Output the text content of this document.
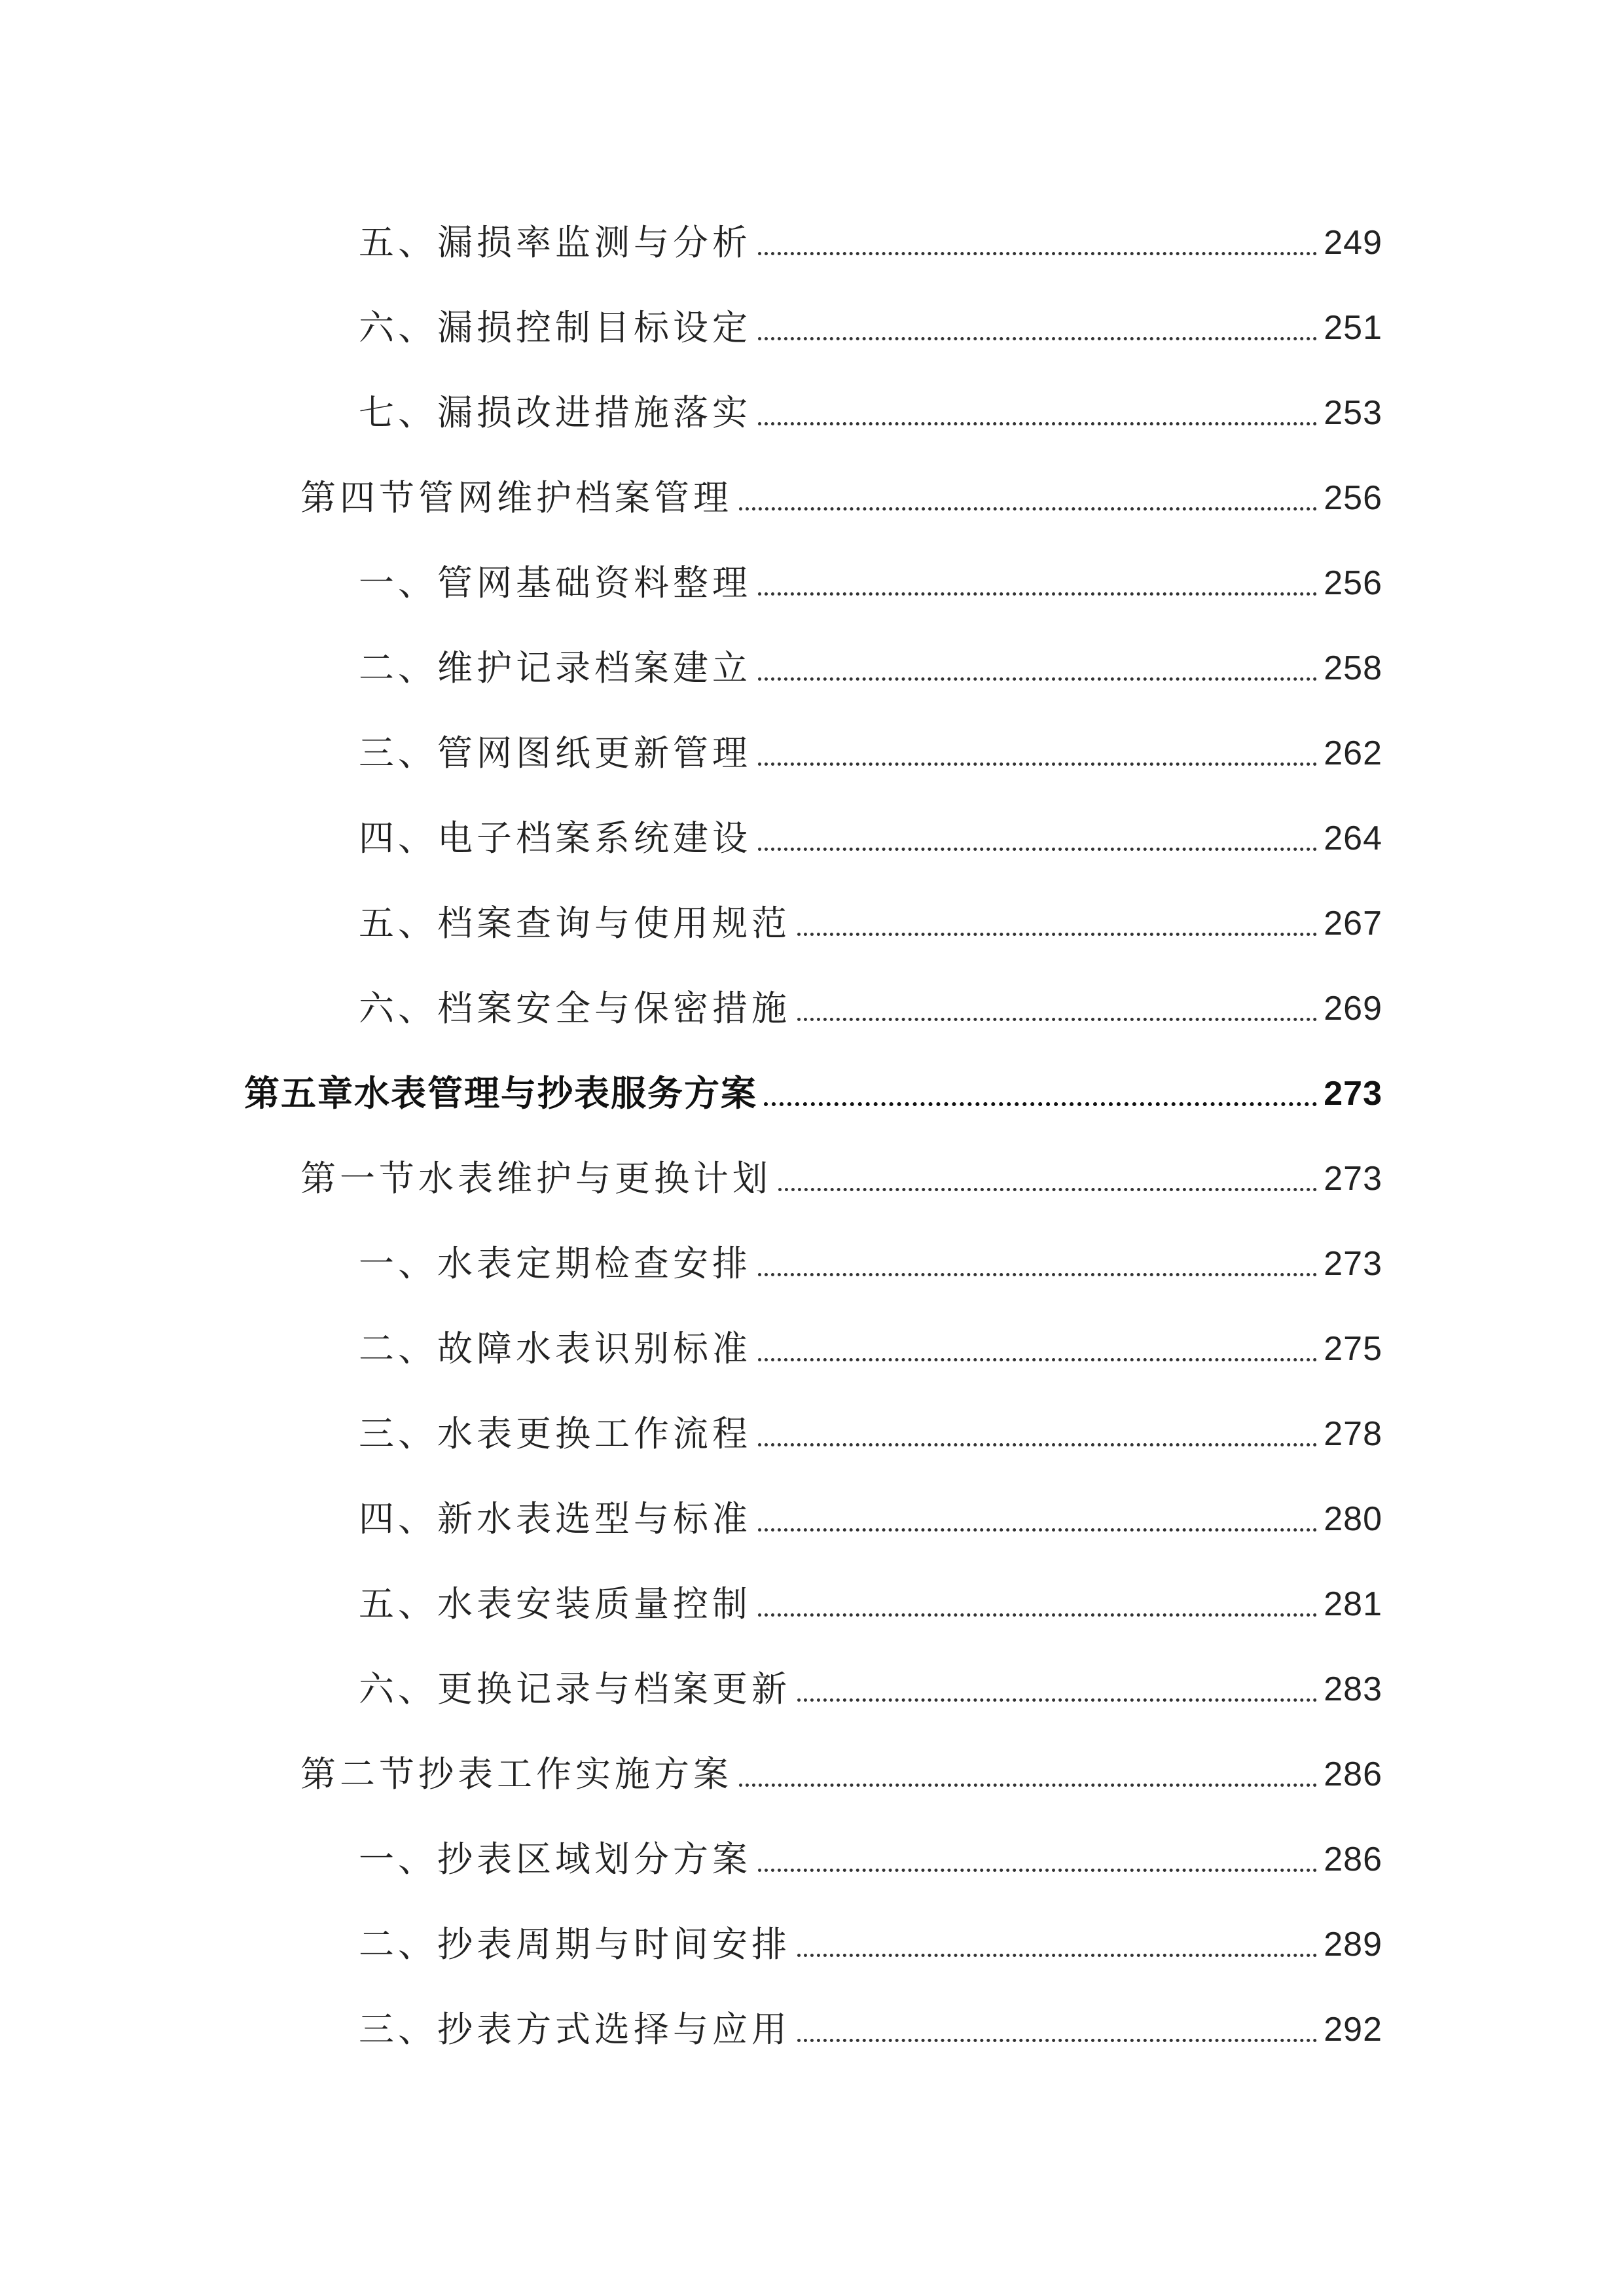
五、漏损率监测与分析	249
六、漏损控制目标设定	251
七、漏损改进措施落实	253
第四节管网维护档案管理	256
一、管网基础资料整理	256
二、维护记录档案建立	258
三、管网图纸更新管理	262
四、电子档案系统建设	264
五、档案查询与使用规范	267
六、档案安全与保密措施	269
第五章水表管理与抄表服务方案	273
第一节水表维护与更换计划	273
一、水表定期检查安排	273
二、故障水表识别标准	275
三、水表更换工作流程	278
四、新水表选型与标准	280
五、水表安装质量控制	281
六、更换记录与档案更新	283
第二节抄表工作实施方案	286
一、抄表区域划分方案	286
二、抄表周期与时间安排	289
三、抄表方式选择与应用	292
